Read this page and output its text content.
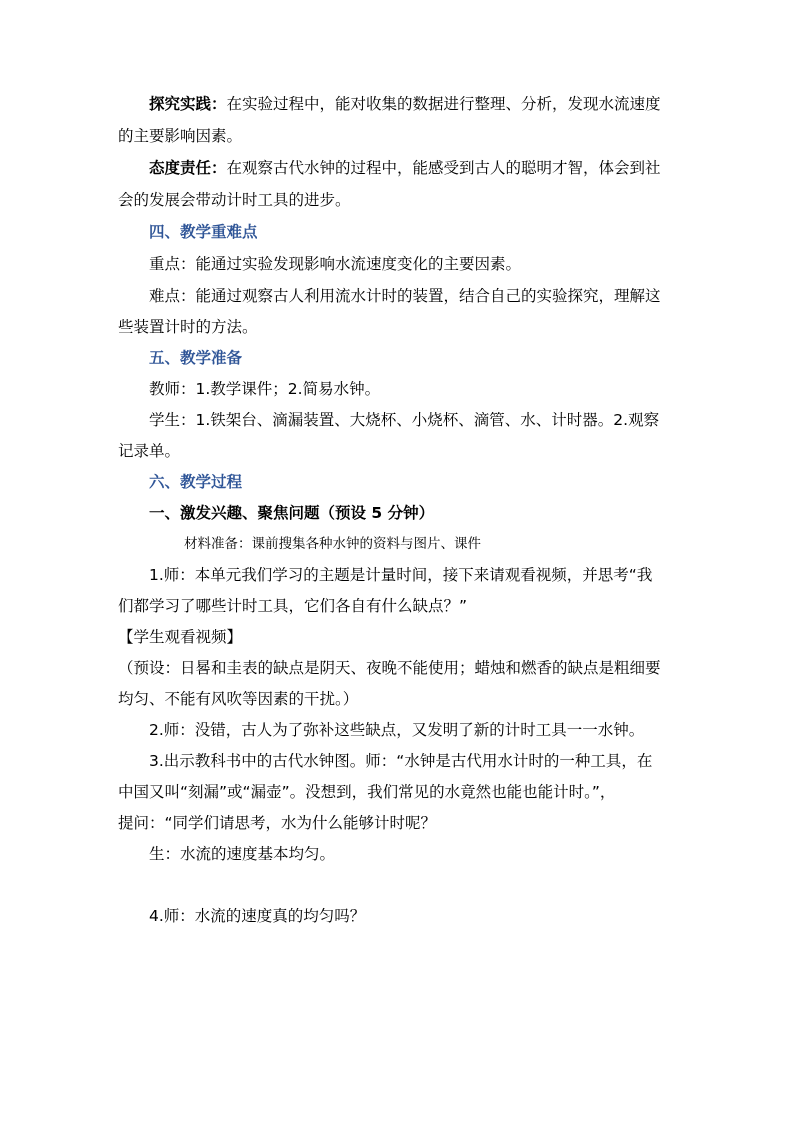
探究实践：在实验过程中，能对收集的数据进行整理、分析，发现水流速度
的主要影响因素。
态度责任：在观察古代水钟的过程中，能感受到古人的聪明才智，体会到社
会的发展会带动计时工具的进步。
四、教学重难点
重点：能通过实验发现影响水流速度变化的主要因素。
难点：能通过观察古人利用流水计时的装置，结合自己的实验探究，理解这
些装置计时的方法。
五、教学准备
教师：1.教学课件；2.简易水钟。
学生：1.铁架台、滴漏装置、大烧杯、小烧杯、滴管、水、计时器。2.观察
记录单。
六、教学过程
一、激发兴趣、聚焦问题（预设 5 分钟）
材料准备：课前搜集各种水钟的资料与图片、课件
1.师：本单元我们学习的主题是计量时间，接下来请观看视频，并思考“我
们都学习了哪些计时工具，它们各自有什么缺点？”
【学生观看视频】
（预设：日晷和圭表的缺点是阴天、夜晚不能使用；蜡烛和燃香的缺点是粗细要
均匀、不能有风吹等因素的干扰。）
2.师：没错，古人为了弥补这些缺点，又发明了新的计时工具一一水钟。
3.出示教科书中的古代水钟图。师：“水钟是古代用水计时的一种工具，在
中国又叫“刻漏”或“漏壶”。没想到，我们常见的水竟然也能也能计时。”，
提问：“同学们请思考，水为什么能够计时呢？
生：水流的速度基本均匀。
4.师：水流的速度真的均匀吗？
